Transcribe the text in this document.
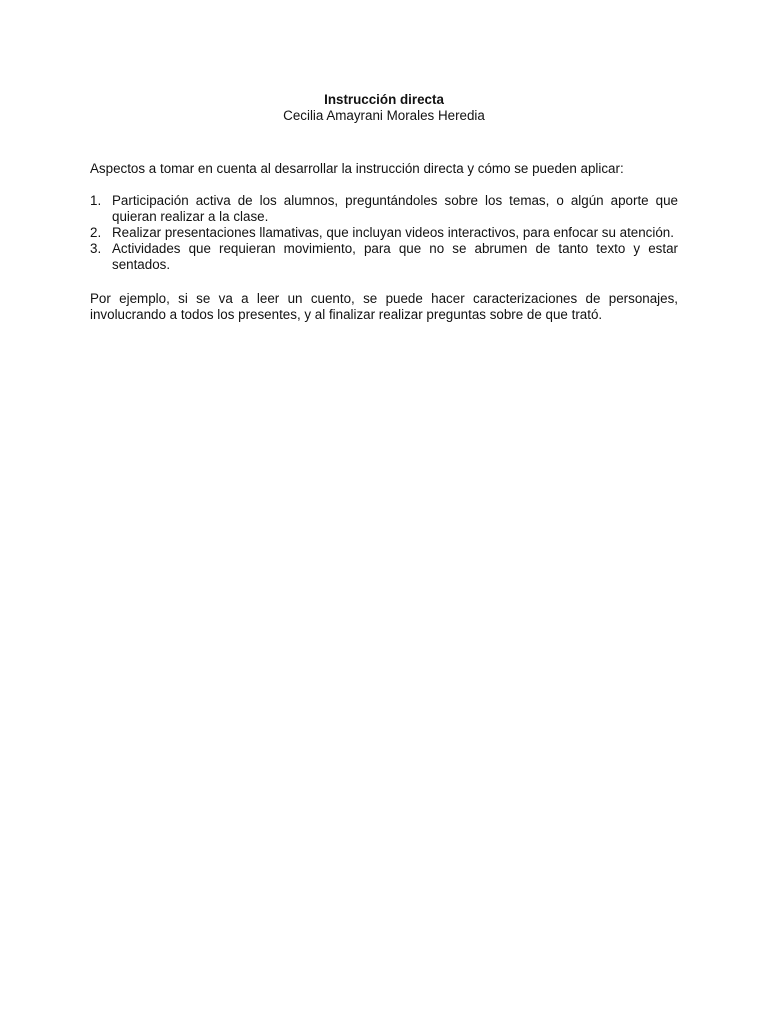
Instrucción directa

Cecilia Amayrani Morales Heredia

Aspectos a tomar en cuenta al desarrollar la instrucción directa y cómo se pueden aplicar:

1. Participación activa de los alumnos, preguntándoles sobre los temas, o algún aporte que quieran realizar a la clase.
2. Realizar presentaciones llamativas, que incluyan videos interactivos, para enfocar su atención.
3. Actividades que requieran movimiento, para que no se abrumen de tanto texto y estar sentados.

Por ejemplo, si se va a leer un cuento, se puede hacer caracterizaciones de personajes, involucrando a todos los presentes, y al finalizar realizar preguntas sobre de que trató.
